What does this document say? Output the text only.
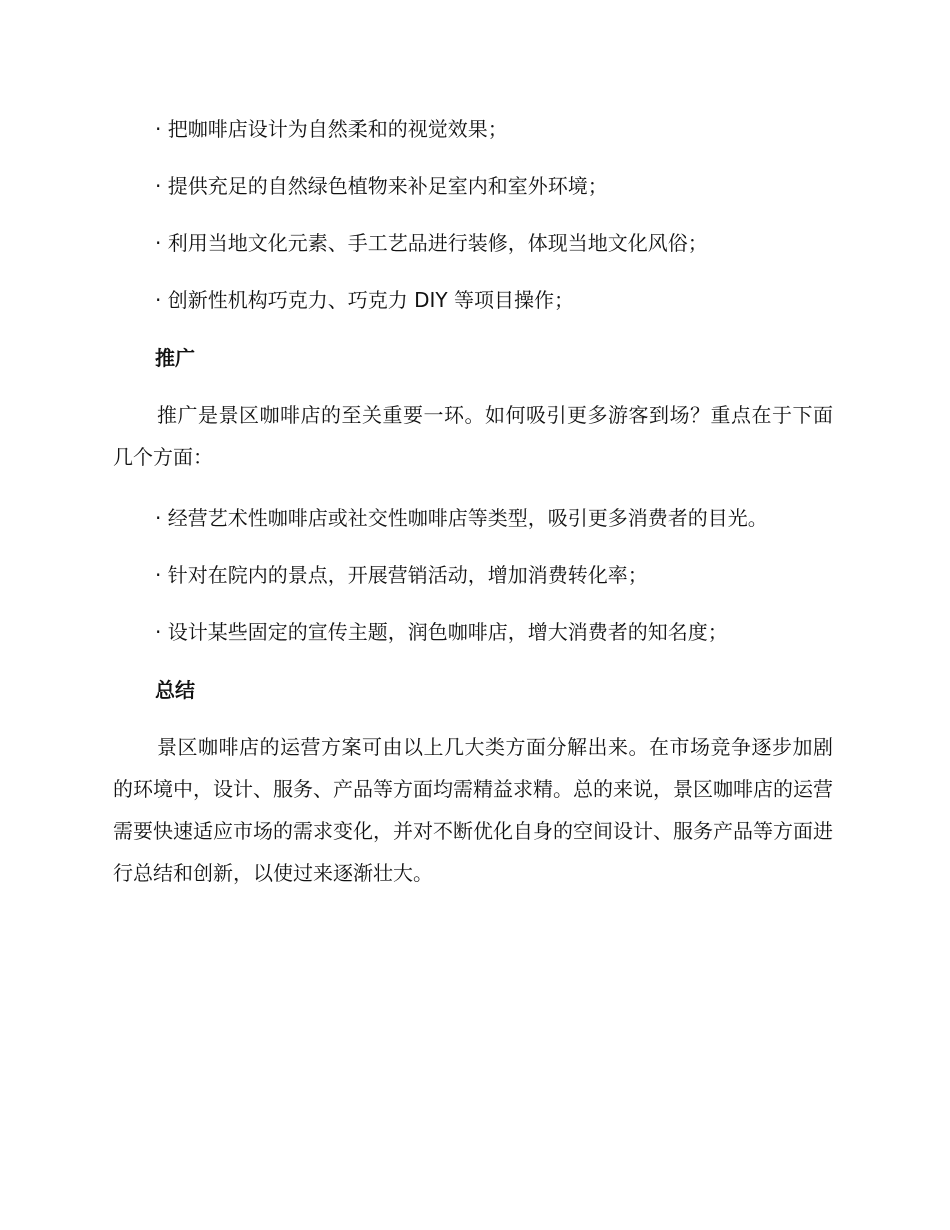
· 把咖啡店设计为自然柔和的视觉效果；
· 提供充足的自然绿色植物来补足室内和室外环境；
· 利用当地文化元素、手工艺品进行装修，体现当地文化风俗；
· 创新性机构巧克力、巧克力 DIY 等项目操作；
推广
推广是景区咖啡店的至关重要一环。如何吸引更多游客到场？重点在于下面几个方面：
· 经营艺术性咖啡店或社交性咖啡店等类型，吸引更多消费者的目光。
· 针对在院内的景点，开展营销活动，增加消费转化率；
· 设计某些固定的宣传主题，润色咖啡店，增大消费者的知名度；
总结
景区咖啡店的运营方案可由以上几大类方面分解出来。在市场竞争逐步加剧的环境中，设计、服务、产品等方面均需精益求精。总的来说，景区咖啡店的运营需要快速适应市场的需求变化，并对不断优化自身的空间设计、服务产品等方面进行总结和创新，以使过来逐渐壮大。
